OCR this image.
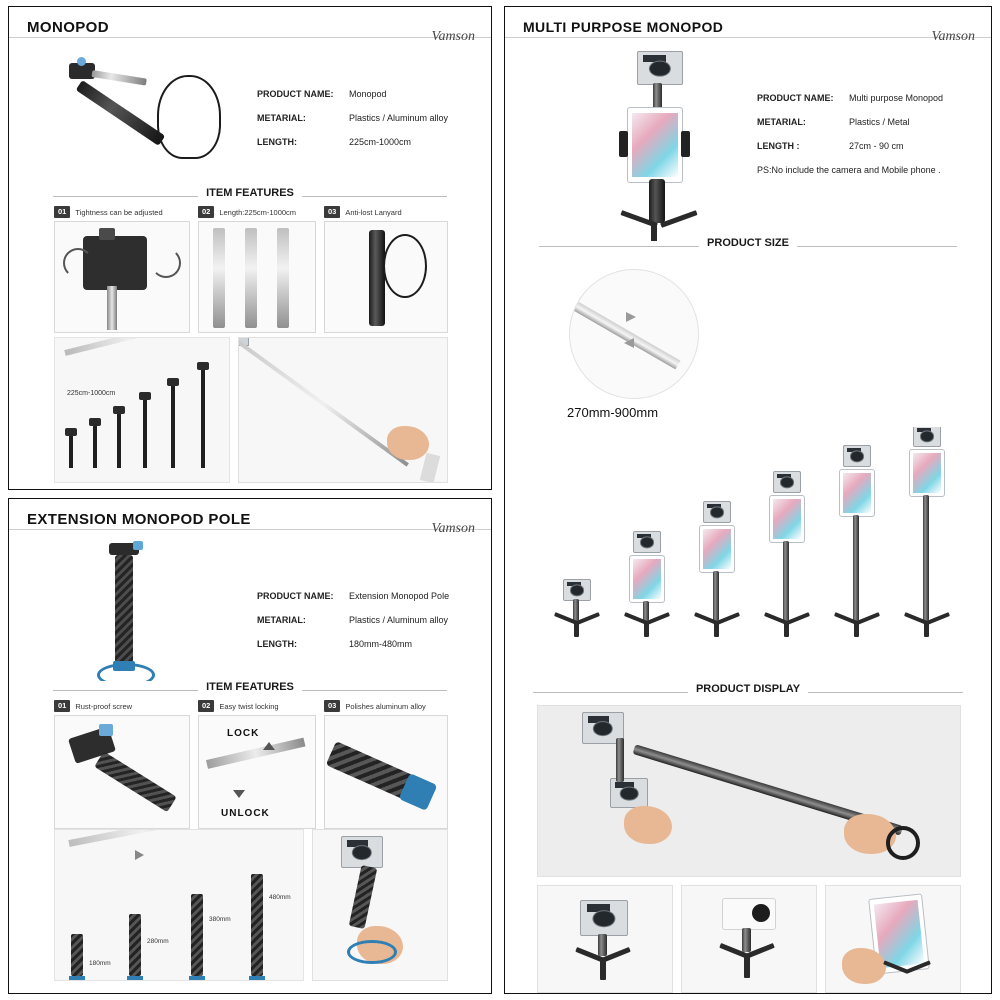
MONOPOD
Vamson
PRODUCT NAME:	Monopod
METARIAL:	Plastics / Aluminum alloy
LENGTH:	225cm-1000cm
ITEM FEATURES
01	Tightness can be adjusted	02	Length:225cm-1000cm	03	Anti-lost Lanyard
225cm-1000cm
EXTENSION MONOPOD POLE
Vamson
PRODUCT NAME:	Extension Monopod Pole
METARIAL:	Plastics / Aluminum alloy
LENGTH:	180mm-480mm
ITEM FEATURES
01	Rust-proof screw	02	Easy twist locking
LOCK
UNLOCK
03	Polishes aluminum alloy
180mm
280mm
380mm
480mm
MULTI PURPOSE MONOPOD
Vamson
PRODUCT NAME:	Multi purpose Monopod
METARIAL:	Plastics / Metal
LENGTH :	27cm - 90 cm
PS:No include the camera and Mobile phone .
PRODUCT SIZE
270mm-900mm
PRODUCT DISPLAY
